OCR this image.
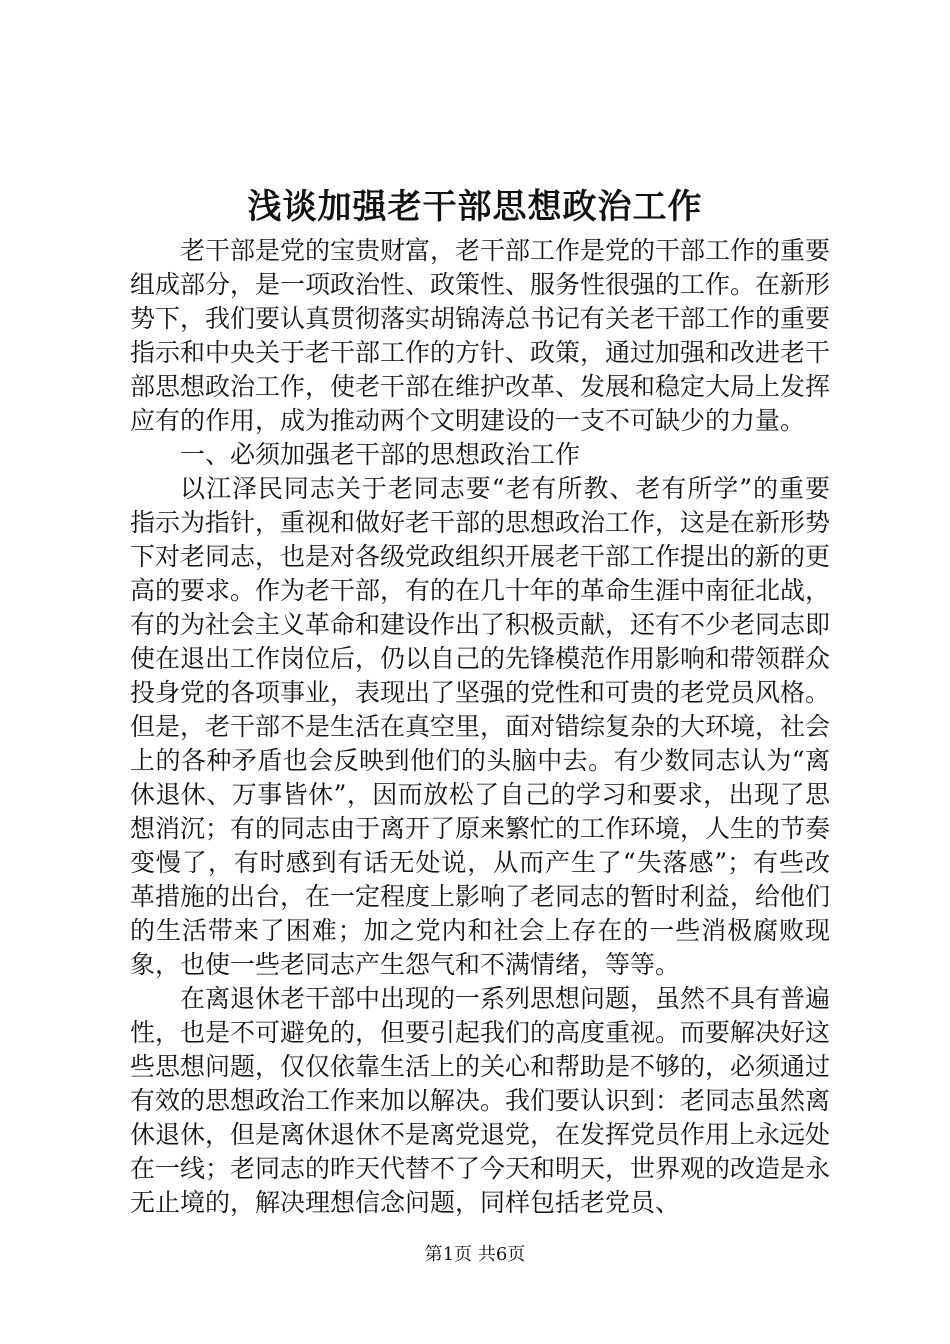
浅谈加强老干部思想政治工作

老干部是党的宝贵财富，老干部工作是党的干部工作的重要组成部分，是一项政治性、政策性、服务性很强的工作。在新形势下，我们要认真贯彻落实胡锦涛总书记有关老干部工作的重要指示和中央关于老干部工作的方针、政策，通过加强和改进老干部思想政治工作，使老干部在维护改革、发展和稳定大局上发挥应有的作用，成为推动两个文明建设的一支不可缺少的力量。

一、必须加强老干部的思想政治工作

以江泽民同志关于老同志要“老有所教、老有所学”的重要指示为指针，重视和做好老干部的思想政治工作，这是在新形势下对老同志，也是对各级党政组织开展老干部工作提出的新的更高的要求。作为老干部，有的在几十年的革命生涯中南征北战，有的为社会主义革命和建设作出了积极贡献，还有不少老同志即使在退出工作岗位后，仍以自己的先锋模范作用影响和带领群众投身党的各项事业，表现出了坚强的党性和可贵的老党员风格。但是，老干部不是生活在真空里，面对错综复杂的大环境，社会上的各种矛盾也会反映到他们的头脑中去。有少数同志认为“离休退休、万事皆休”，因而放松了自己的学习和要求，出现了思想消沉；有的同志由于离开了原来繁忙的工作环境，人生的节奏变慢了，有时感到有话无处说，从而产生了“失落感”；有些改革措施的出台，在一定程度上影响了老同志的暂时利益，给他们的生活带来了困难；加之党内和社会上存在的一些消极腐败现象，也使一些老同志产生怨气和不满情绪，等等。

在离退休老干部中出现的一系列思想问题，虽然不具有普遍性，也是不可避免的，但要引起我们的高度重视。而要解决好这些思想问题，仅仅依靠生活上的关心和帮助是不够的，必须通过有效的思想政治工作来加以解决。我们要认识到：老同志虽然离休退休，但是离休退休不是离党退党，在发挥党员作用上永远处在一线；老同志的昨天代替不了今天和明天，世界观的改造是永无止境的，解决理想信念问题，同样包括老党员、

第1页 共6页
